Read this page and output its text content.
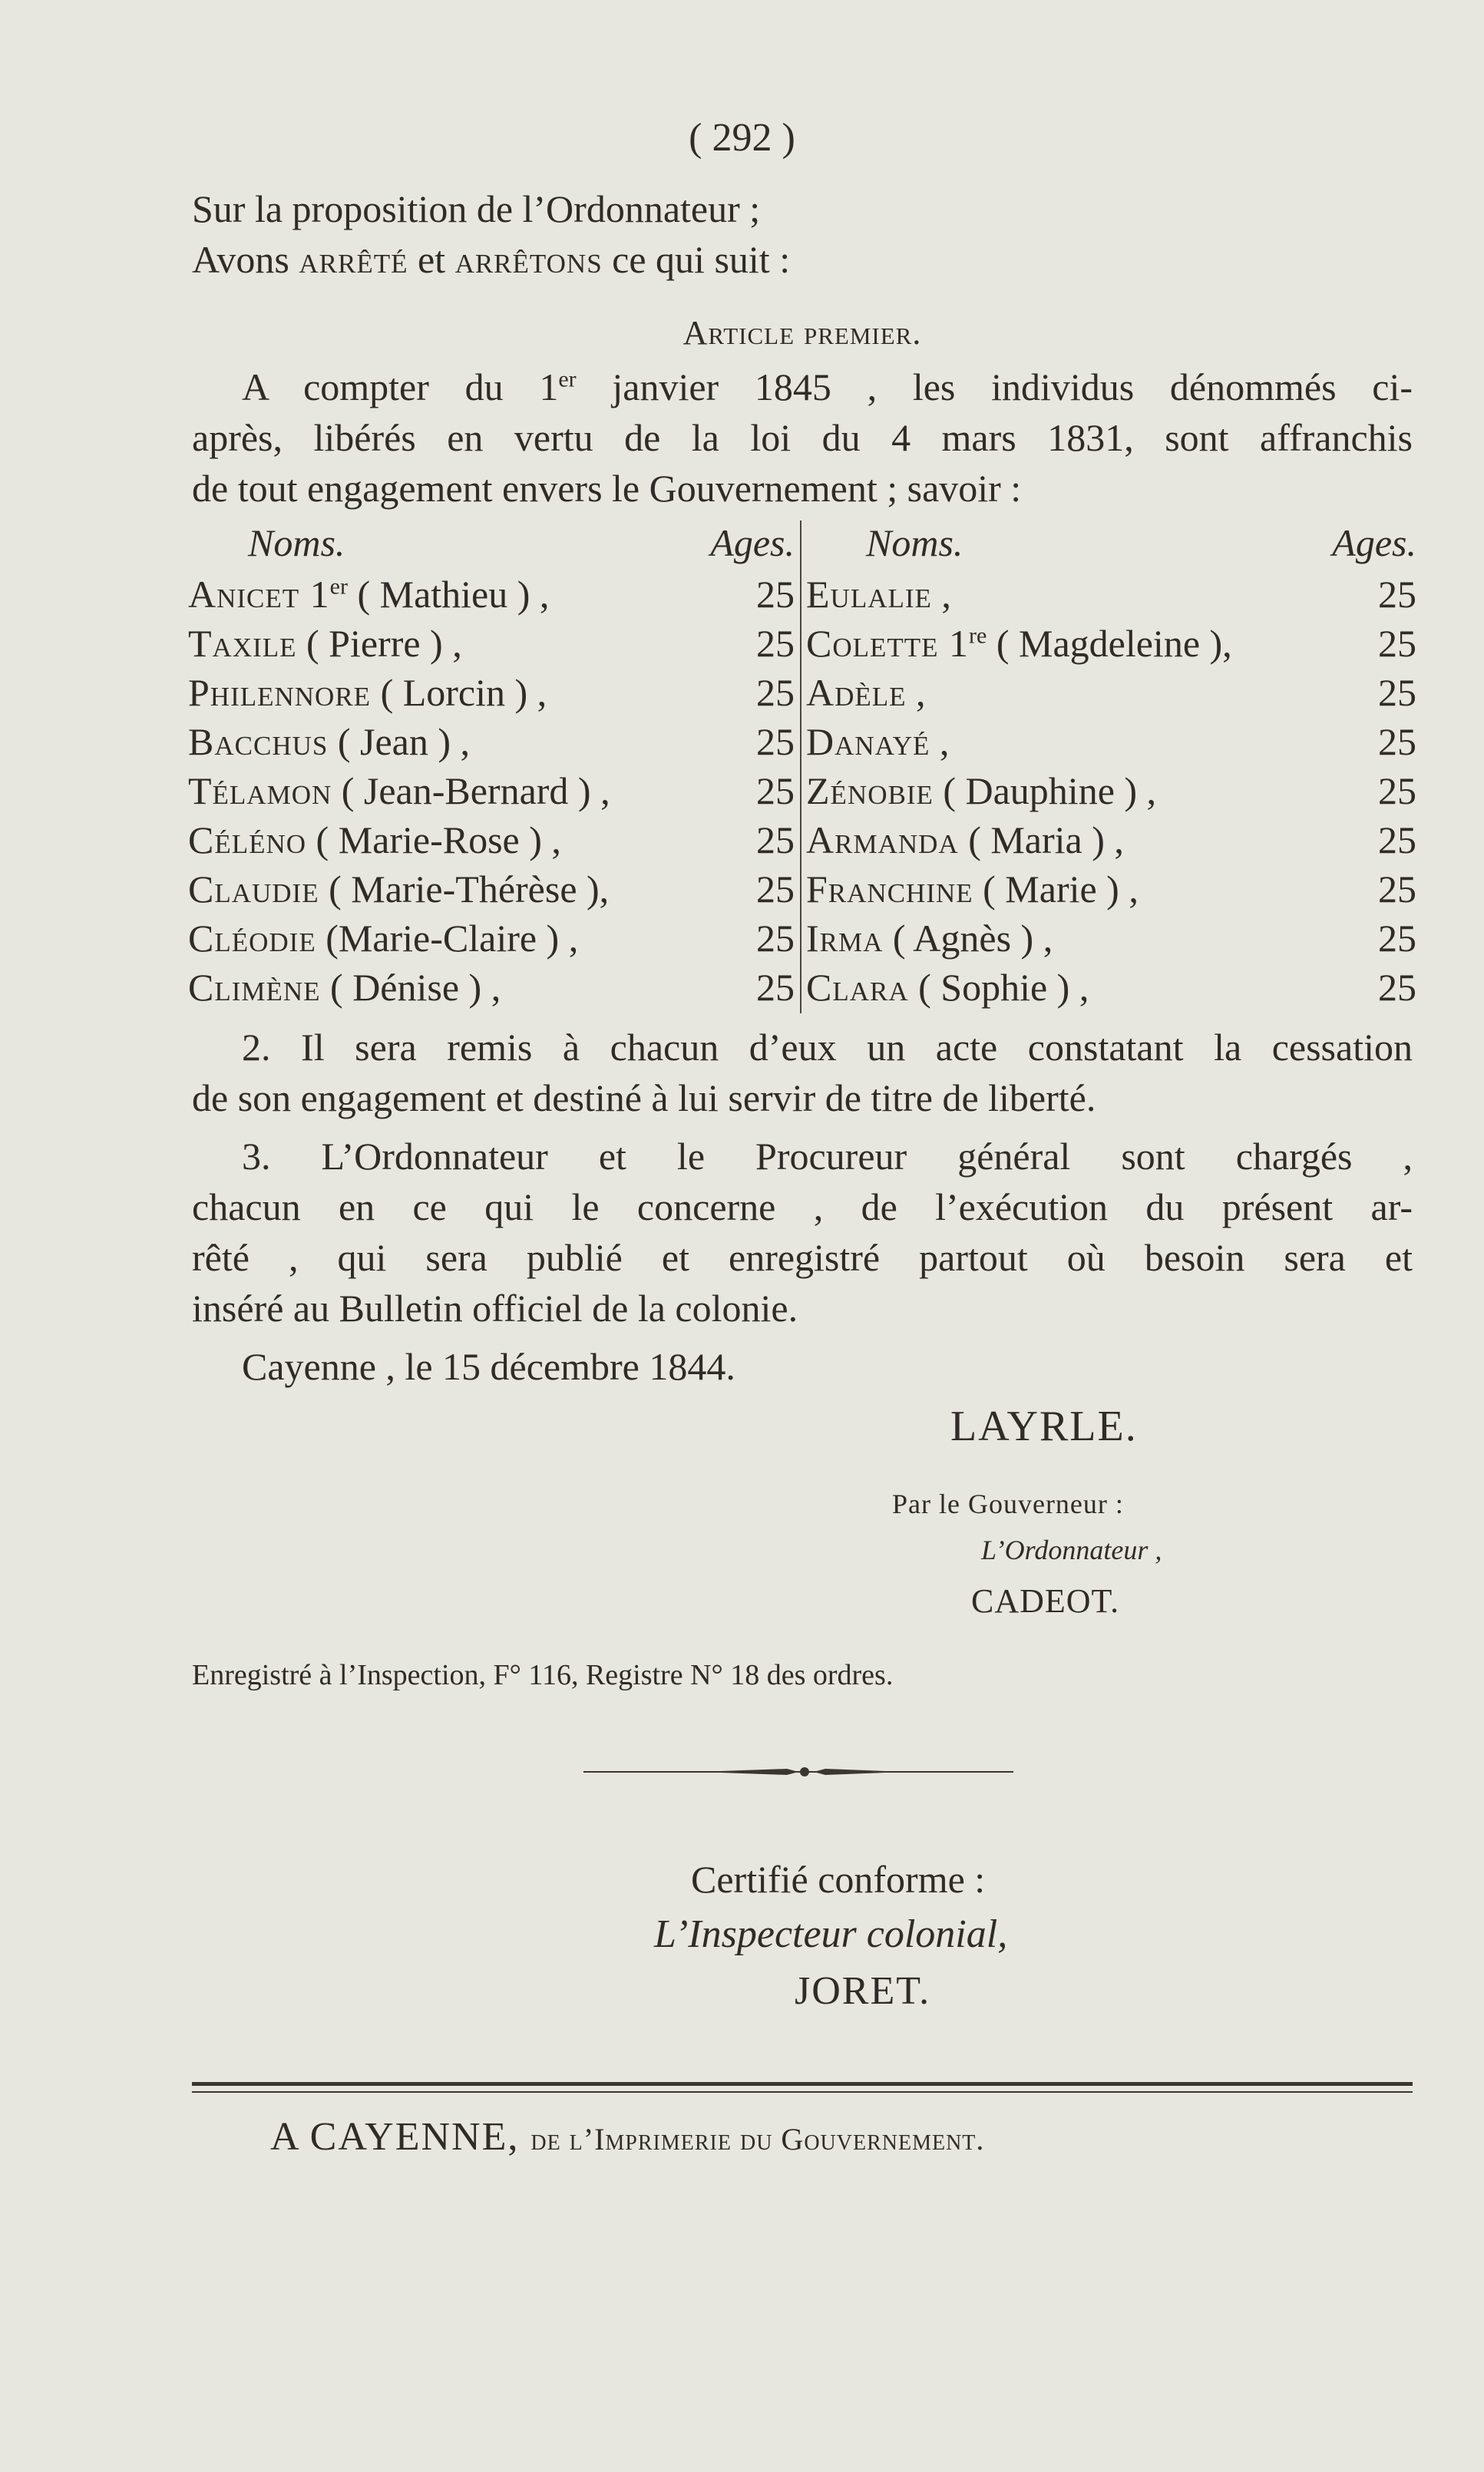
( 292 )
Sur la proposition de l’Ordonnateur ;
Avons arrêté et arrêtons ce qui suit :
Article premier.
A compter du 1er janvier 1845 , les individus dénommés ci-
après, libérés en vertu de la loi du 4 mars 1831, sont affranchis
de tout engagement envers le Gouvernement ; savoir :
Noms.	Ages.
Anicet 1er ( Mathieu ) ,	25
Taxile ( Pierre ) ,	25
Philennore ( Lorcin ) ,	25
Bacchus ( Jean ) ,	25
Télamon ( Jean-Bernard ) ,	25
Céléno ( Marie-Rose ) ,	25
Claudie ( Marie-Thérèse ),	25
Cléodie (Marie-Claire ) ,	25
Climène ( Dénise ) ,	25
Noms.	Ages.
Eulalie ,	25
Colette 1re ( Magdeleine ),	25
Adèle ,	25
Danayé ,	25
Zénobie ( Dauphine ) ,	25
Armanda ( Maria ) ,	25
Franchine ( Marie ) ,	25
Irma ( Agnès ) ,	25
Clara ( Sophie ) ,	25
2. Il sera remis à chacun d’eux un acte constatant la cessation
de son engagement et destiné à lui servir de titre de liberté.
3. L’Ordonnateur et le Procureur général sont chargés ,
chacun en ce qui le concerne , de l’exécution du présent ar-
rêté , qui sera publié et enregistré partout où besoin sera et
inséré au Bulletin officiel de la colonie.
Cayenne , le 15 décembre 1844.
LAYRLE.
Par le Gouverneur :
L’Ordonnateur ,
CADEOT.
Enregistré à l’Inspection, F° 116, Registre N° 18 des ordres.
Certifié conforme :
L’Inspecteur colonial,
JORET.
A CAYENNE, de l’Imprimerie du Gouvernement.
